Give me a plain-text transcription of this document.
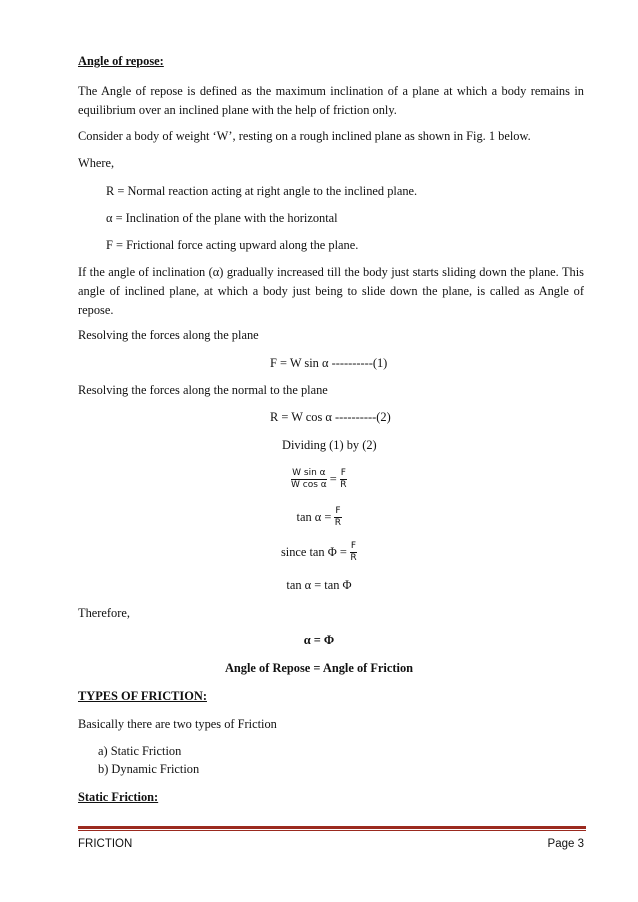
Angle of repose:
The Angle of repose is defined as the maximum inclination of a plane at which a body remains in equilibrium over an inclined plane with the help of friction only.
Consider a body of weight ‘W’, resting on a rough inclined plane as shown in Fig. 1 below.
Where,
R = Normal reaction acting at right angle to the inclined plane.
α = Inclination of the plane with the horizontal
F = Frictional force acting upward along the plane.
If the angle of inclination (α) gradually increased till the body just starts sliding down the plane. This angle of inclined plane, at which a body just being to slide down the plane, is called as Angle of repose.
Resolving the forces along the plane
F = W sin α ----------(1)
Resolving the forces along the normal to the plane
R = W cos α ----------(2)
Dividing (1) by (2)
$\frac{\text{W sin α}}{\text{W cos α}} = \frac{F}{R}$
$\tan \alpha = \frac{F}{R}$
since $\tan \Phi = \frac{F}{R}$
tan α = tan Φ
Therefore,
α = Φ
Angle of Repose = Angle of Friction
TYPES OF FRICTION:
Basically there are two types of Friction
a) Static Friction
b) Dynamic Friction
Static Friction:
FRICTION	Page 3
